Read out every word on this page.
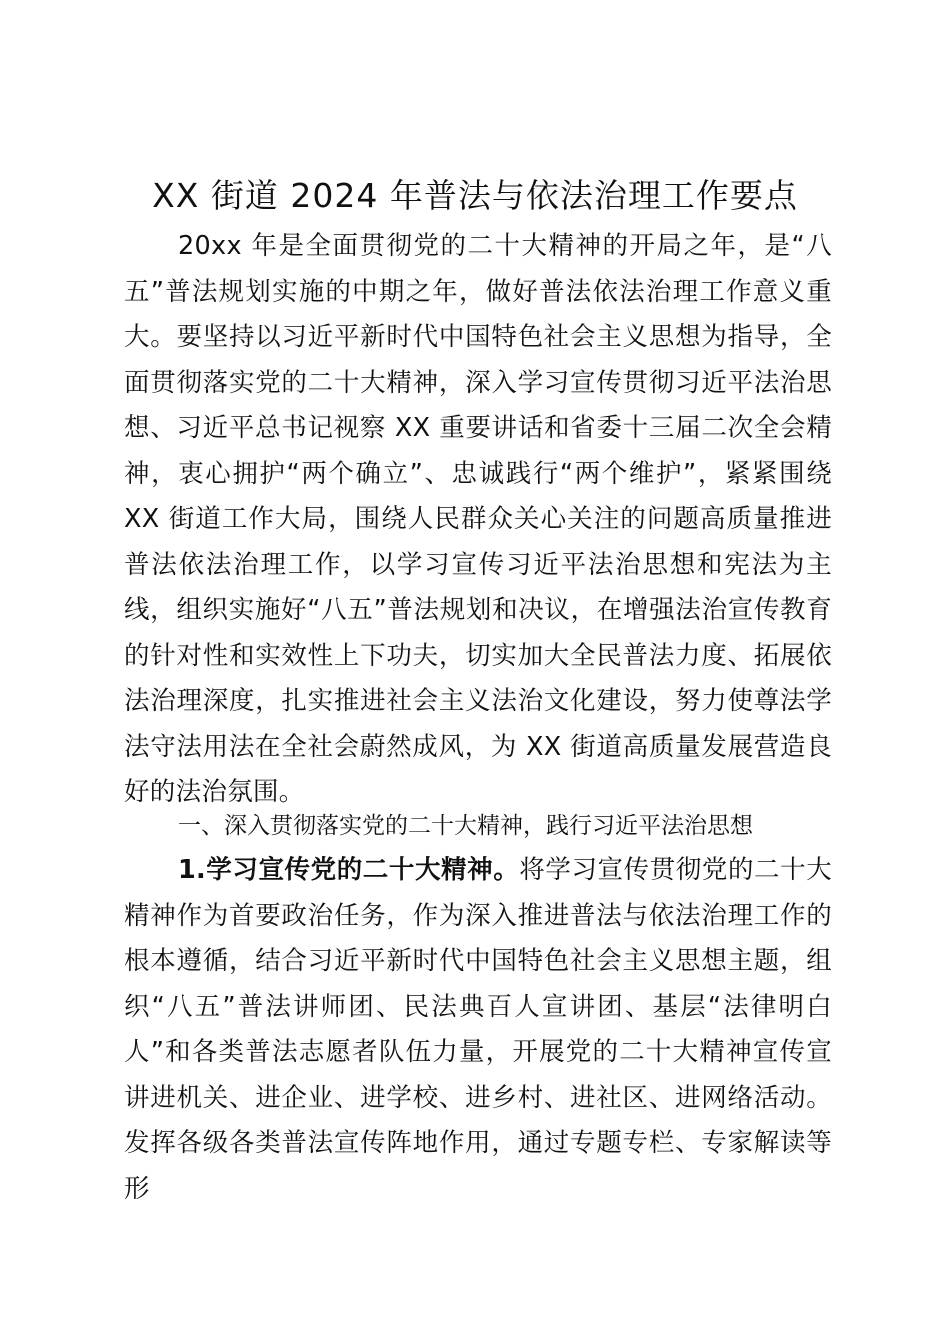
XX 街道 2024 年普法与依法治理工作要点

20xx 年是全面贯彻党的二十大精神的开局之年，是“八五”普法规划实施的中期之年，做好普法依法治理工作意义重大。要坚持以习近平新时代中国特色社会主义思想为指导，全面贯彻落实党的二十大精神，深入学习宣传贯彻习近平法治思想、习近平总书记视察 XX 重要讲话和省委十三届二次全会精神，衷心拥护“两个确立”、忠诚践行“两个维护”，紧紧围绕 XX 街道工作大局，围绕人民群众关心关注的问题高质量推进普法依法治理工作，以学习宣传习近平法治思想和宪法为主线，组织实施好“八五”普法规划和决议，在增强法治宣传教育的针对性和实效性上下功夫，切实加大全民普法力度、拓展依法治理深度，扎实推进社会主义法治文化建设，努力使尊法学法守法用法在全社会蔚然成风，为 XX 街道高质量发展营造良好的法治氛围。

一、深入贯彻落实党的二十大精神，践行习近平法治思想

1.学习宣传党的二十大精神。将学习宣传贯彻党的二十大精神作为首要政治任务，作为深入推进普法与依法治理工作的根本遵循，结合习近平新时代中国特色社会主义思想主题，组织“八五”普法讲师团、民法典百人宣讲团、基层“法律明白人”和各类普法志愿者队伍力量，开展党的二十大精神宣传宣讲进机关、进企业、进学校、进乡村、进社区、进网络活动。发挥各级各类普法宣传阵地作用，通过专题专栏、专家解读等形
